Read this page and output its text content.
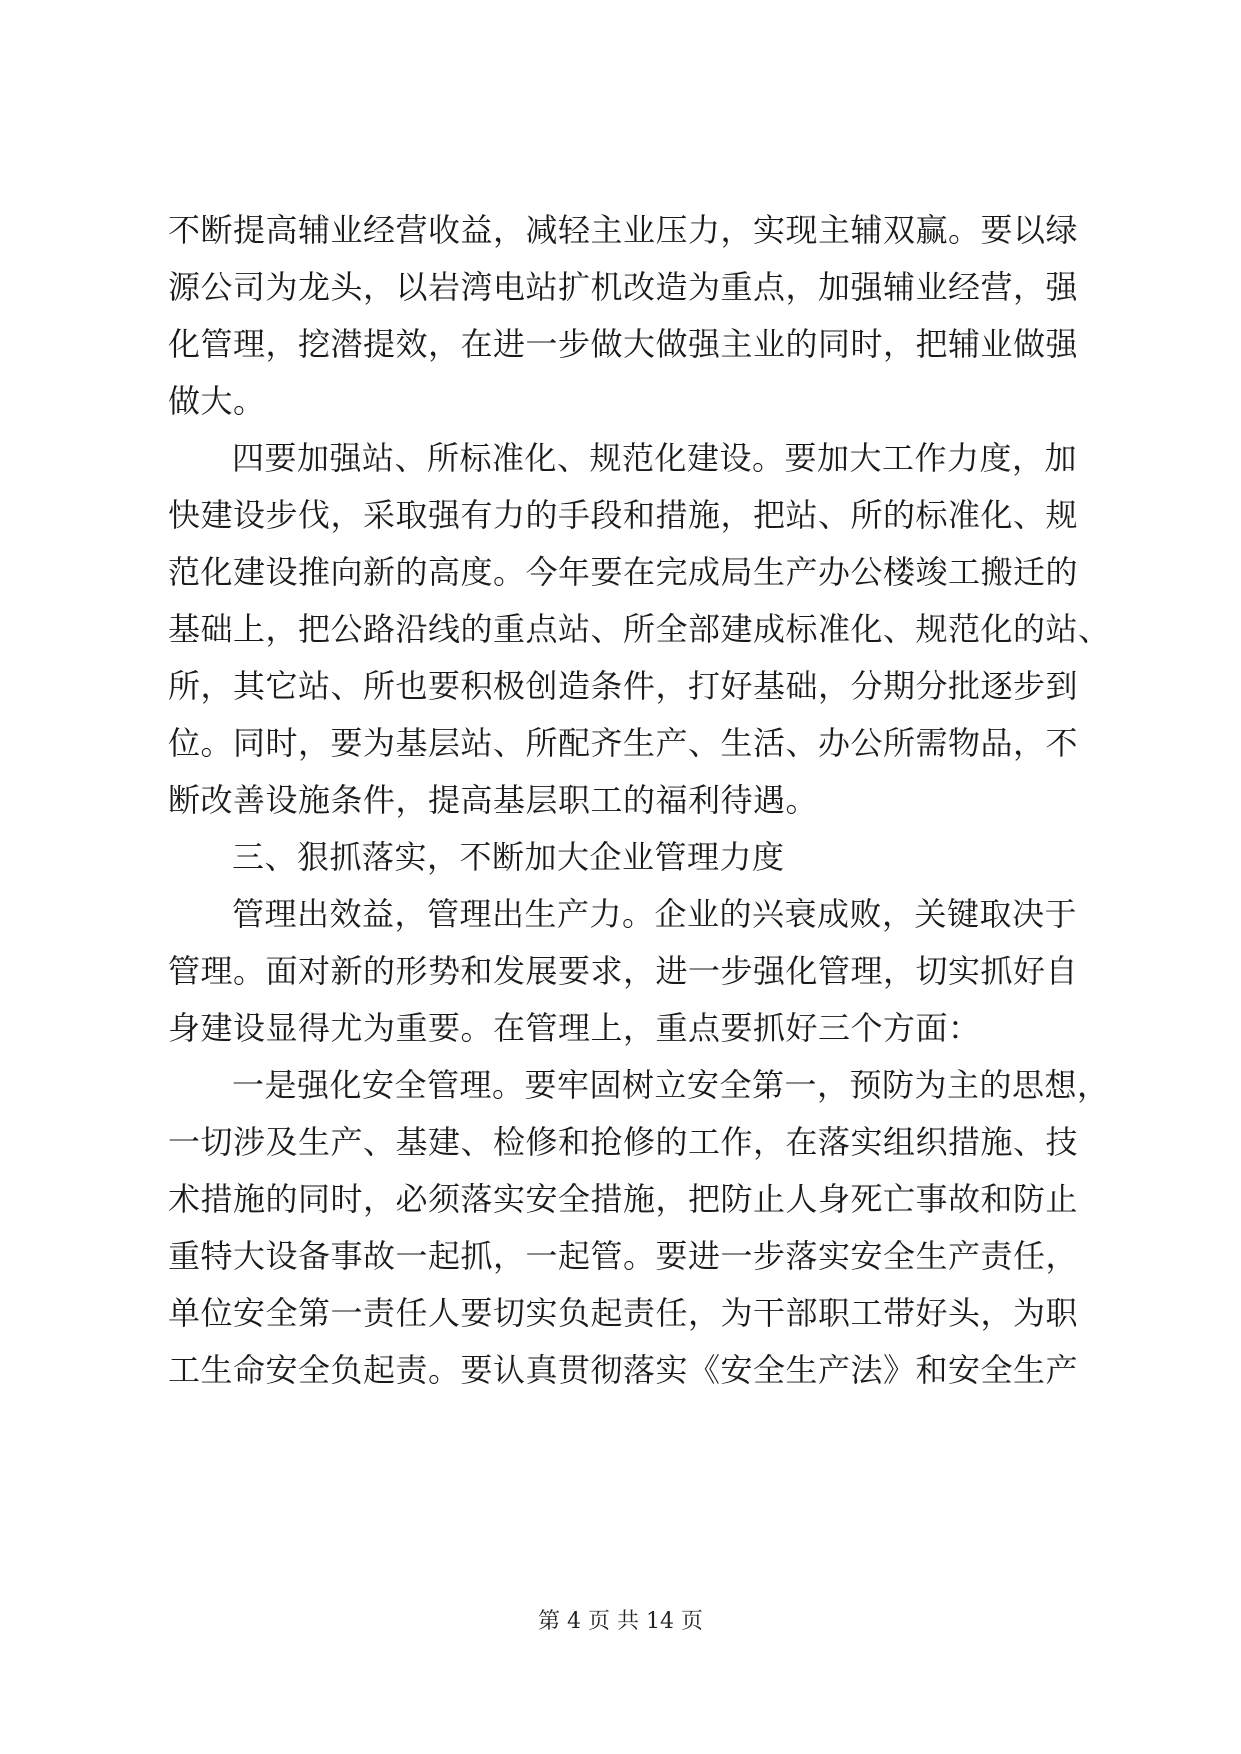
不断提高辅业经营收益，减轻主业压力，实现主辅双赢。要以绿
源公司为龙头，以岩湾电站扩机改造为重点，加强辅业经营，强
化管理，挖潜提效，在进一步做大做强主业的同时，把辅业做强
做大。
四要加强站、所标准化、规范化建设。要加大工作力度，加
快建设步伐，采取强有力的手段和措施，把站、所的标准化、规
范化建设推向新的高度。今年要在完成局生产办公楼竣工搬迁的
基础上，把公路沿线的重点站、所全部建成标准化、规范化的站、
所，其它站、所也要积极创造条件，打好基础，分期分批逐步到
位。同时，要为基层站、所配齐生产、生活、办公所需物品，不
断改善设施条件，提高基层职工的福利待遇。
三、狠抓落实，不断加大企业管理力度
管理出效益，管理出生产力。企业的兴衰成败，关键取决于
管理。面对新的形势和发展要求，进一步强化管理，切实抓好自
身建设显得尤为重要。在管理上，重点要抓好三个方面：
一是强化安全管理。要牢固树立安全第一，预防为主的思想，
一切涉及生产、基建、检修和抢修的工作，在落实组织措施、技
术措施的同时，必须落实安全措施，把防止人身死亡事故和防止
重特大设备事故一起抓，一起管。要进一步落实安全生产责任，
单位安全第一责任人要切实负起责任，为干部职工带好头，为职
工生命安全负起责。要认真贯彻落实《安全生产法》和安全生产
第 4 页 共 14 页
